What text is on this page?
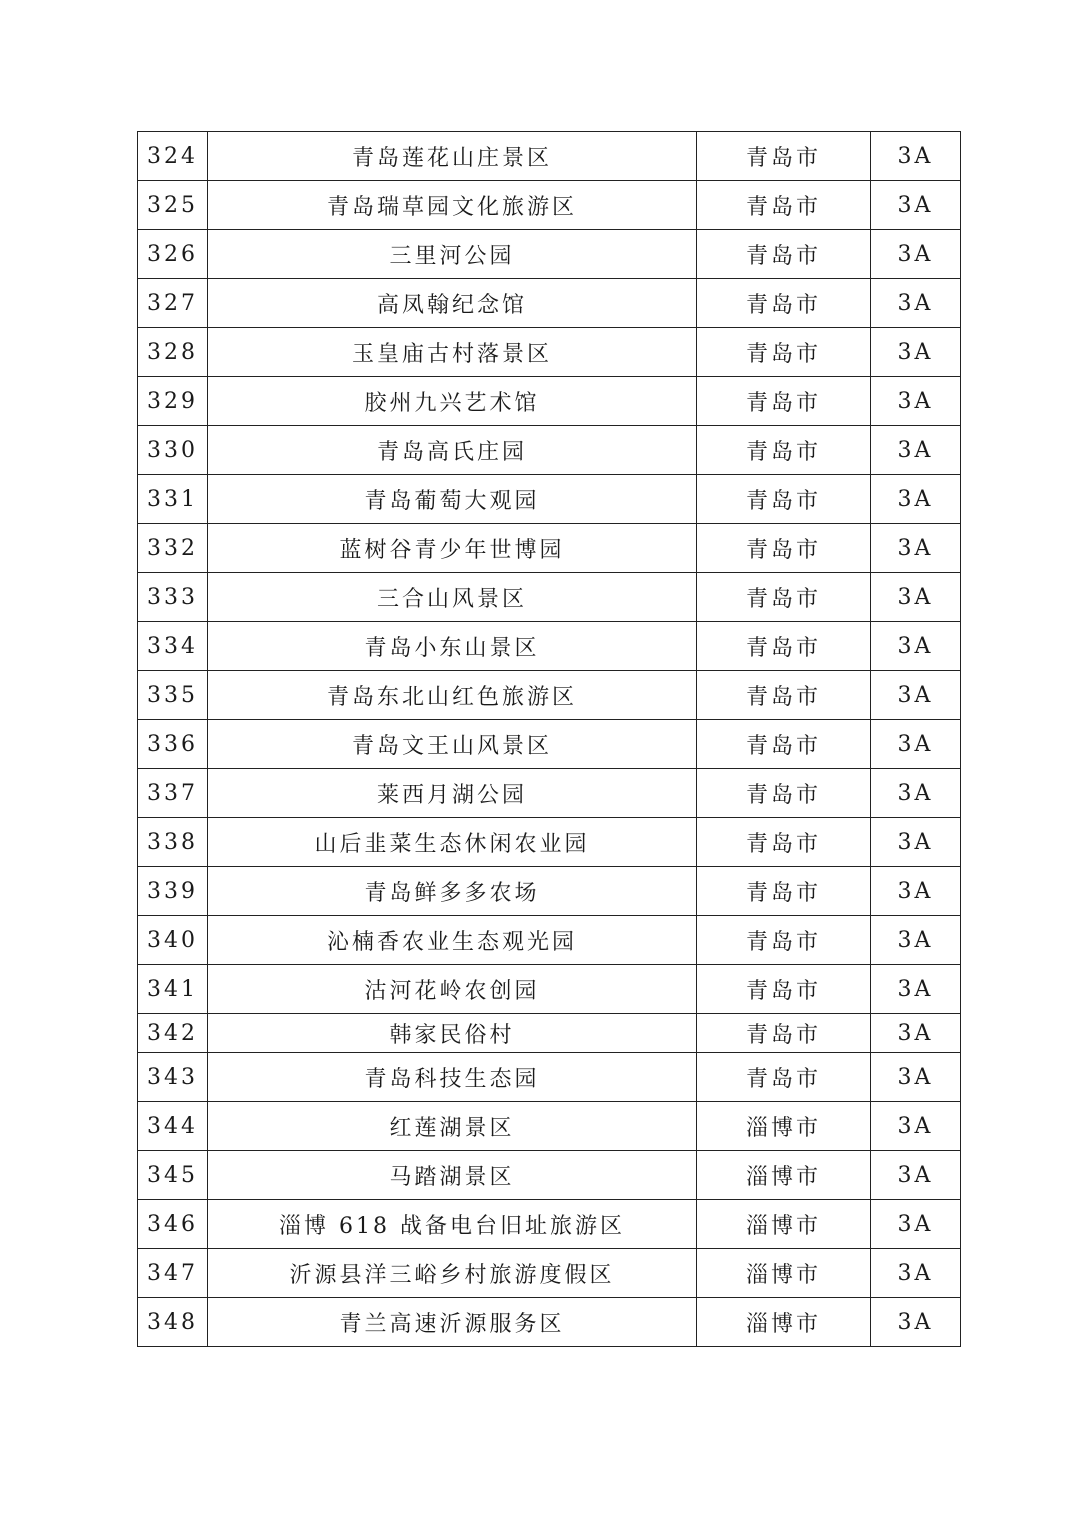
324	青岛莲花山庄景区	青岛市	3A
325	青岛瑞草园文化旅游区	青岛市	3A
326	三里河公园	青岛市	3A
327	高凤翰纪念馆	青岛市	3A
328	玉皇庙古村落景区	青岛市	3A
329	胶州九兴艺术馆	青岛市	3A
330	青岛高氏庄园	青岛市	3A
331	青岛葡萄大观园	青岛市	3A
332	蓝树谷青少年世博园	青岛市	3A
333	三合山风景区	青岛市	3A
334	青岛小东山景区	青岛市	3A
335	青岛东北山红色旅游区	青岛市	3A
336	青岛文王山风景区	青岛市	3A
337	莱西月湖公园	青岛市	3A
338	山后韭菜生态休闲农业园	青岛市	3A
339	青岛鲜多多农场	青岛市	3A
340	沁楠香农业生态观光园	青岛市	3A
341	沽河花岭农创园	青岛市	3A
342	韩家民俗村	青岛市	3A
343	青岛科技生态园	青岛市	3A
344	红莲湖景区	淄博市	3A
345	马踏湖景区	淄博市	3A
346	淄博 618 战备电台旧址旅游区	淄博市	3A
347	沂源县洋三峪乡村旅游度假区	淄博市	3A
348	青兰高速沂源服务区	淄博市	3A
